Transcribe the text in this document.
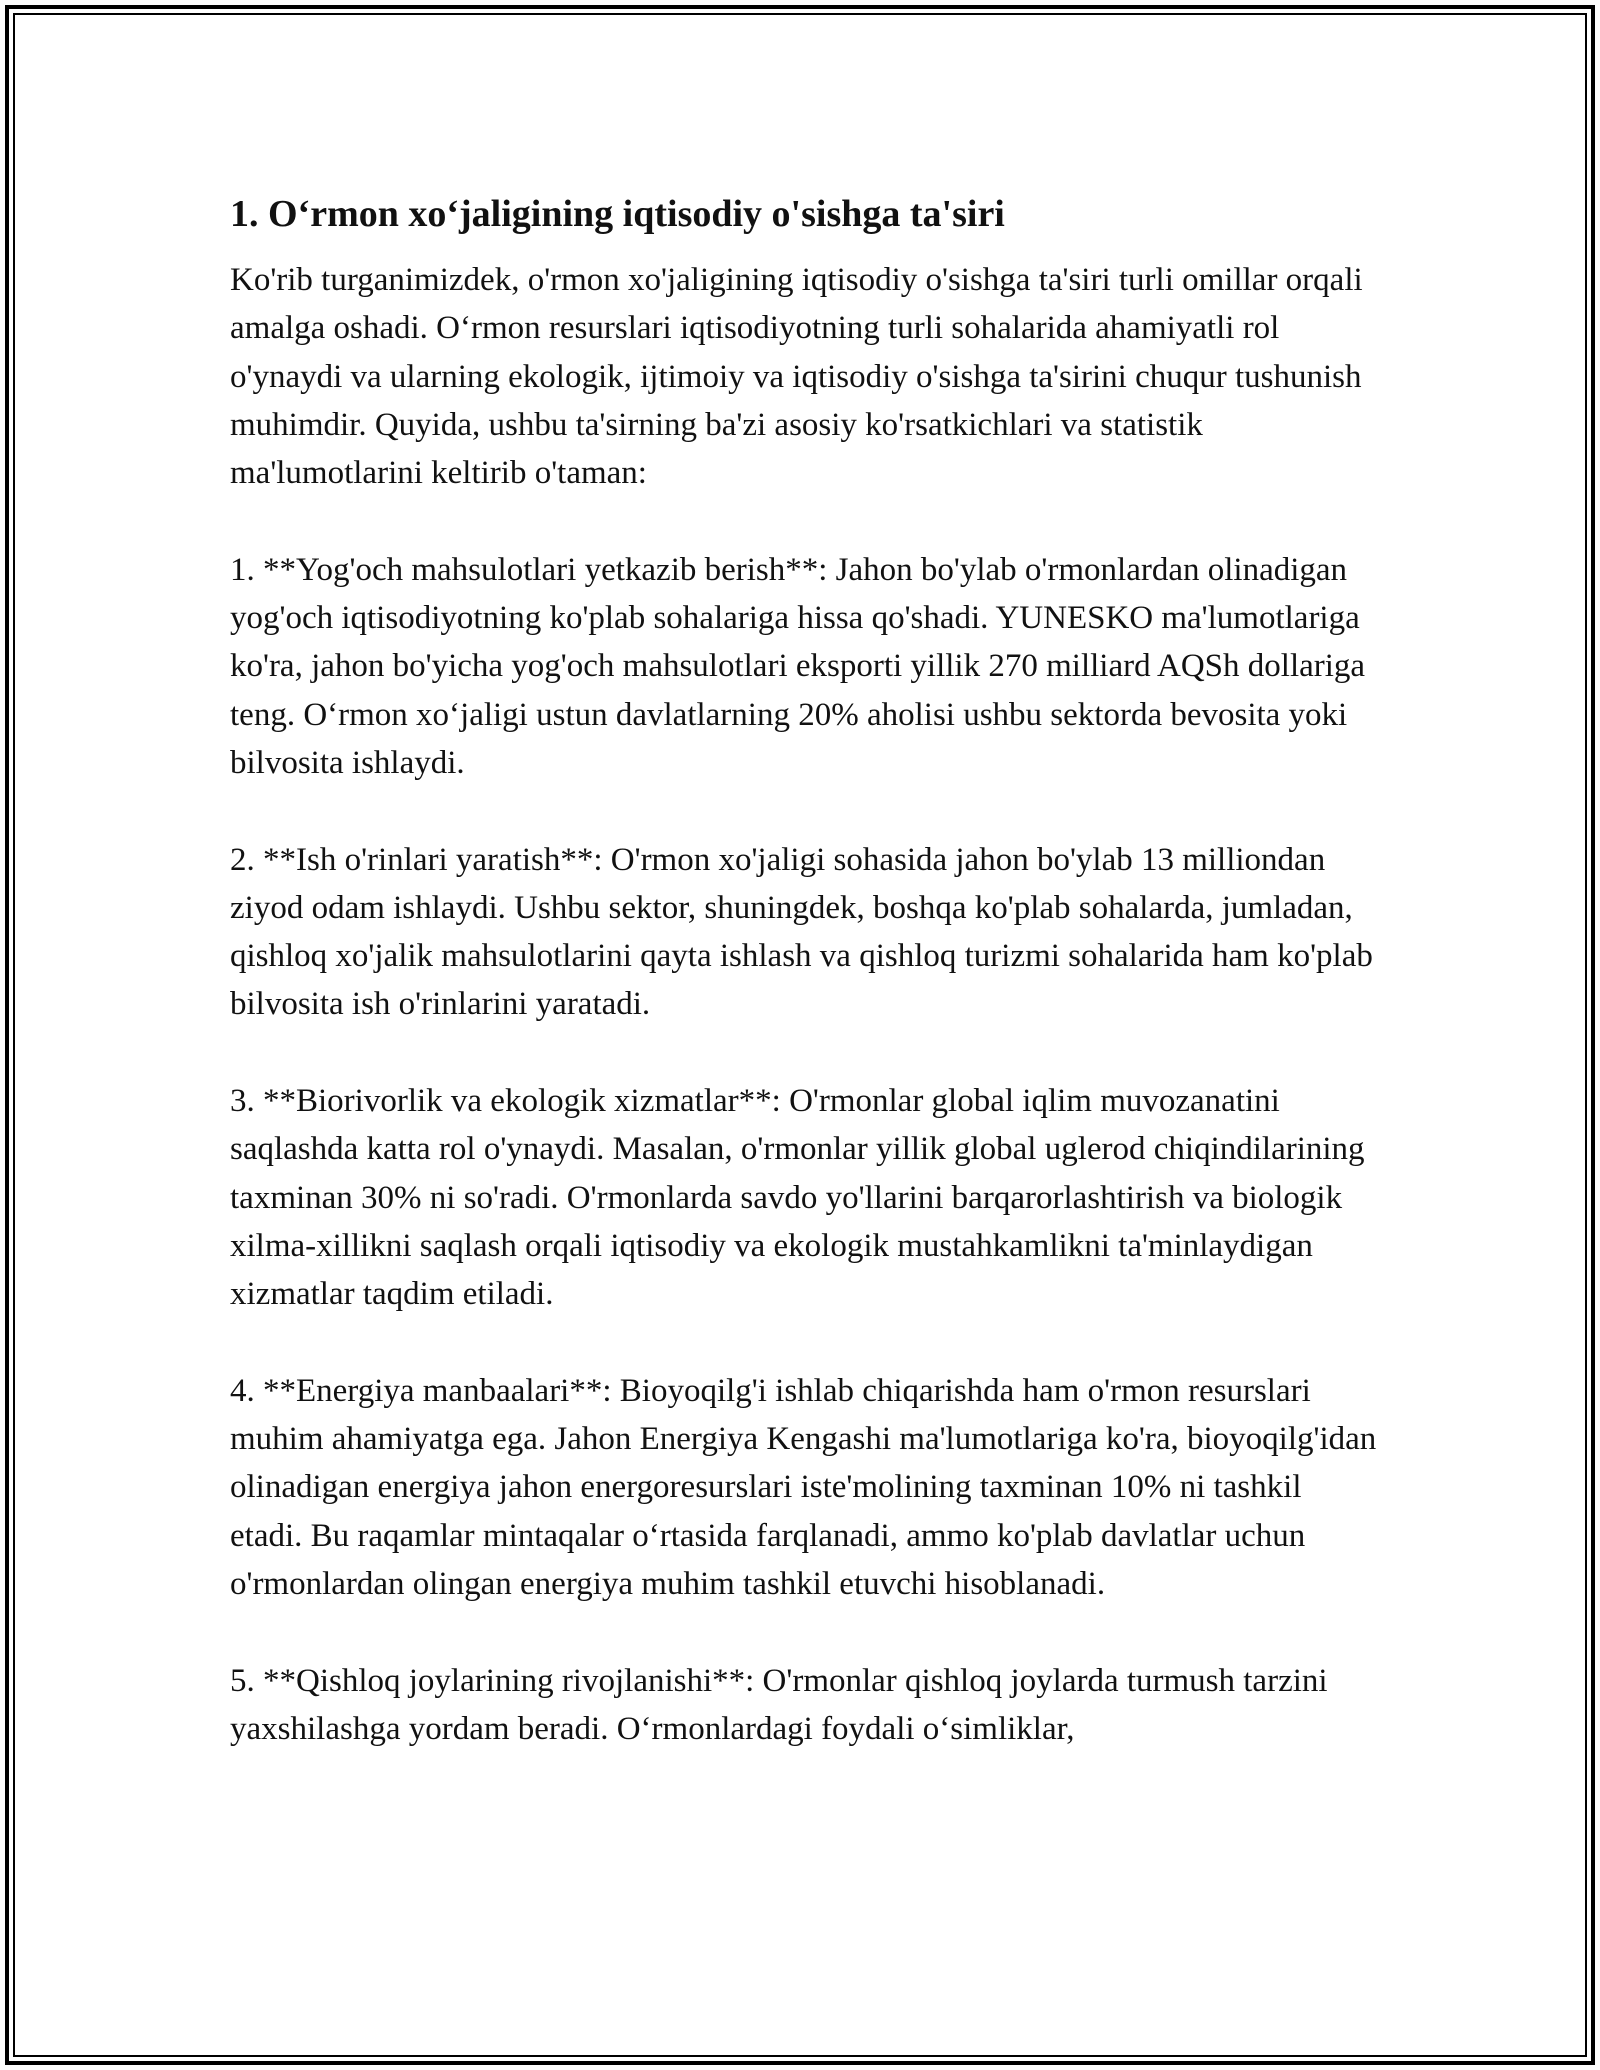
1. O‘rmon xo‘jaligining iqtisodiy o'sishga ta'siri

Ko'rib turganimizdek, o'rmon xo'jaligining iqtisodiy o'sishga ta'siri turli omillar orqali amalga oshadi. O‘rmon resurslari iqtisodiyotning turli sohalarida ahamiyatli rol o'ynaydi va ularning ekologik, ijtimoiy va iqtisodiy o'sishga ta'sirini chuqur tushunish muhimdir. Quyida, ushbu ta'sirning ba'zi asosiy ko'rsatkichlari va statistik ma'lumotlarini keltirib o'taman:

1. **Yog'och mahsulotlari yetkazib berish**: Jahon bo'ylab o'rmonlardan olinadigan yog'och iqtisodiyotning ko'plab sohalariga hissa qo'shadi. YUNESKO ma'lumotlariga ko'ra, jahon bo'yicha yog'och mahsulotlari eksporti yillik 270 milliard AQSh dollariga teng. O‘rmon xo‘jaligi ustun davlatlarning 20% aholisi ushbu sektorda bevosita yoki bilvosita ishlaydi.

2. **Ish o'rinlari yaratish**: O'rmon xo'jaligi sohasida jahon bo'ylab 13 milliondan ziyod odam ishlaydi. Ushbu sektor, shuningdek, boshqa ko'plab sohalarda, jumladan, qishloq xo'jalik mahsulotlarini qayta ishlash va qishloq turizmi sohalarida ham ko'plab bilvosita ish o'rinlarini yaratadi.

3. **Biorivorlik va ekologik xizmatlar**: O'rmonlar global iqlim muvozanatini saqlashda katta rol o'ynaydi. Masalan, o'rmonlar yillik global uglerod chiqindilarining taxminan 30% ni so'radi. O'rmonlarda savdo yo'llarini barqarorlashtirish va biologik xilma-xillikni saqlash orqali iqtisodiy va ekologik mustahkamlikni ta'minlaydigan xizmatlar taqdim etiladi.

4. **Energiya manbaalari**: Bioyoqilg'i ishlab chiqarishda ham o'rmon resurslari muhim ahamiyatga ega. Jahon Energiya Kengashi ma'lumotlariga ko'ra, bioyoqilg'idan olinadigan energiya jahon energoresurslari iste'molining taxminan 10% ni tashkil etadi. Bu raqamlar mintaqalar o‘rtasida farqlanadi, ammo ko'plab davlatlar uchun o'rmonlardan olingan energiya muhim tashkil etuvchi hisoblanadi.

5. **Qishloq joylarining rivojlanishi**: O'rmonlar qishloq joylarda turmush tarzini yaxshilashga yordam beradi. O‘rmonlardagi foydali o‘simliklar,
